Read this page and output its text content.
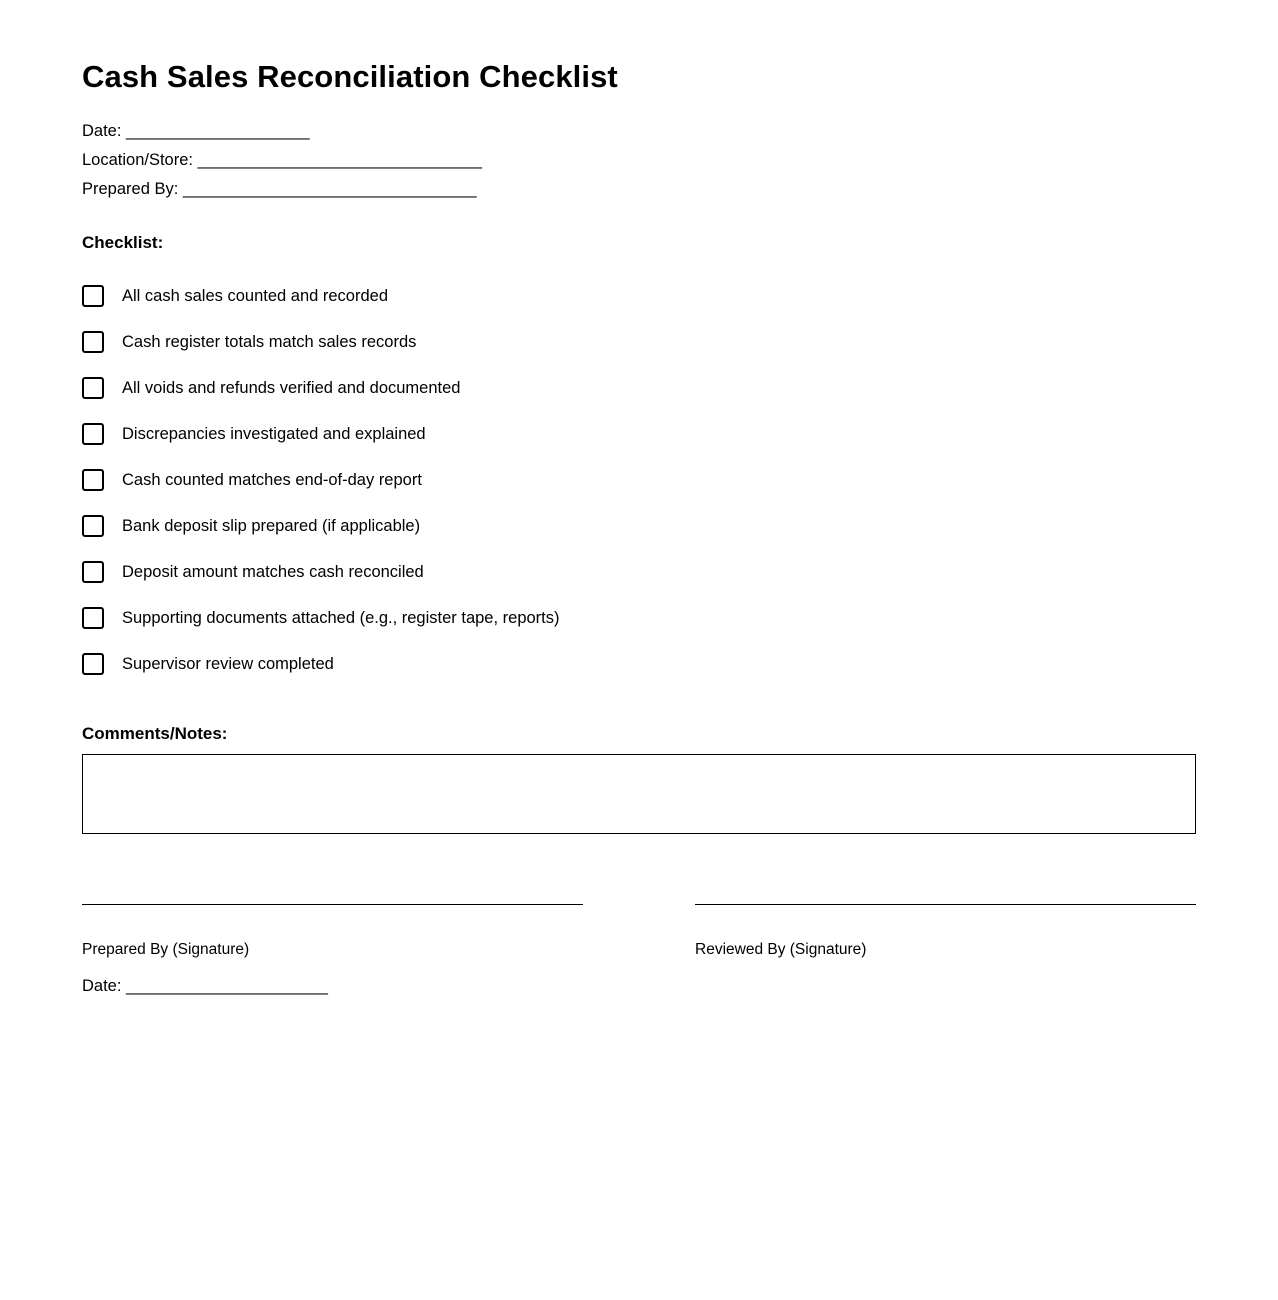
Cash Sales Reconciliation Checklist
Date: ____________________
Location/Store: _______________________________
Prepared By: ________________________________
Checklist:
All cash sales counted and recorded
Cash register totals match sales records
All voids and refunds verified and documented
Discrepancies investigated and explained
Cash counted matches end-of-day report
Bank deposit slip prepared (if applicable)
Deposit amount matches cash reconciled
Supporting documents attached (e.g., register tape, reports)
Supervisor review completed
Comments/Notes:
Prepared By (Signature)	Reviewed By (Signature)
Date: ______________________
